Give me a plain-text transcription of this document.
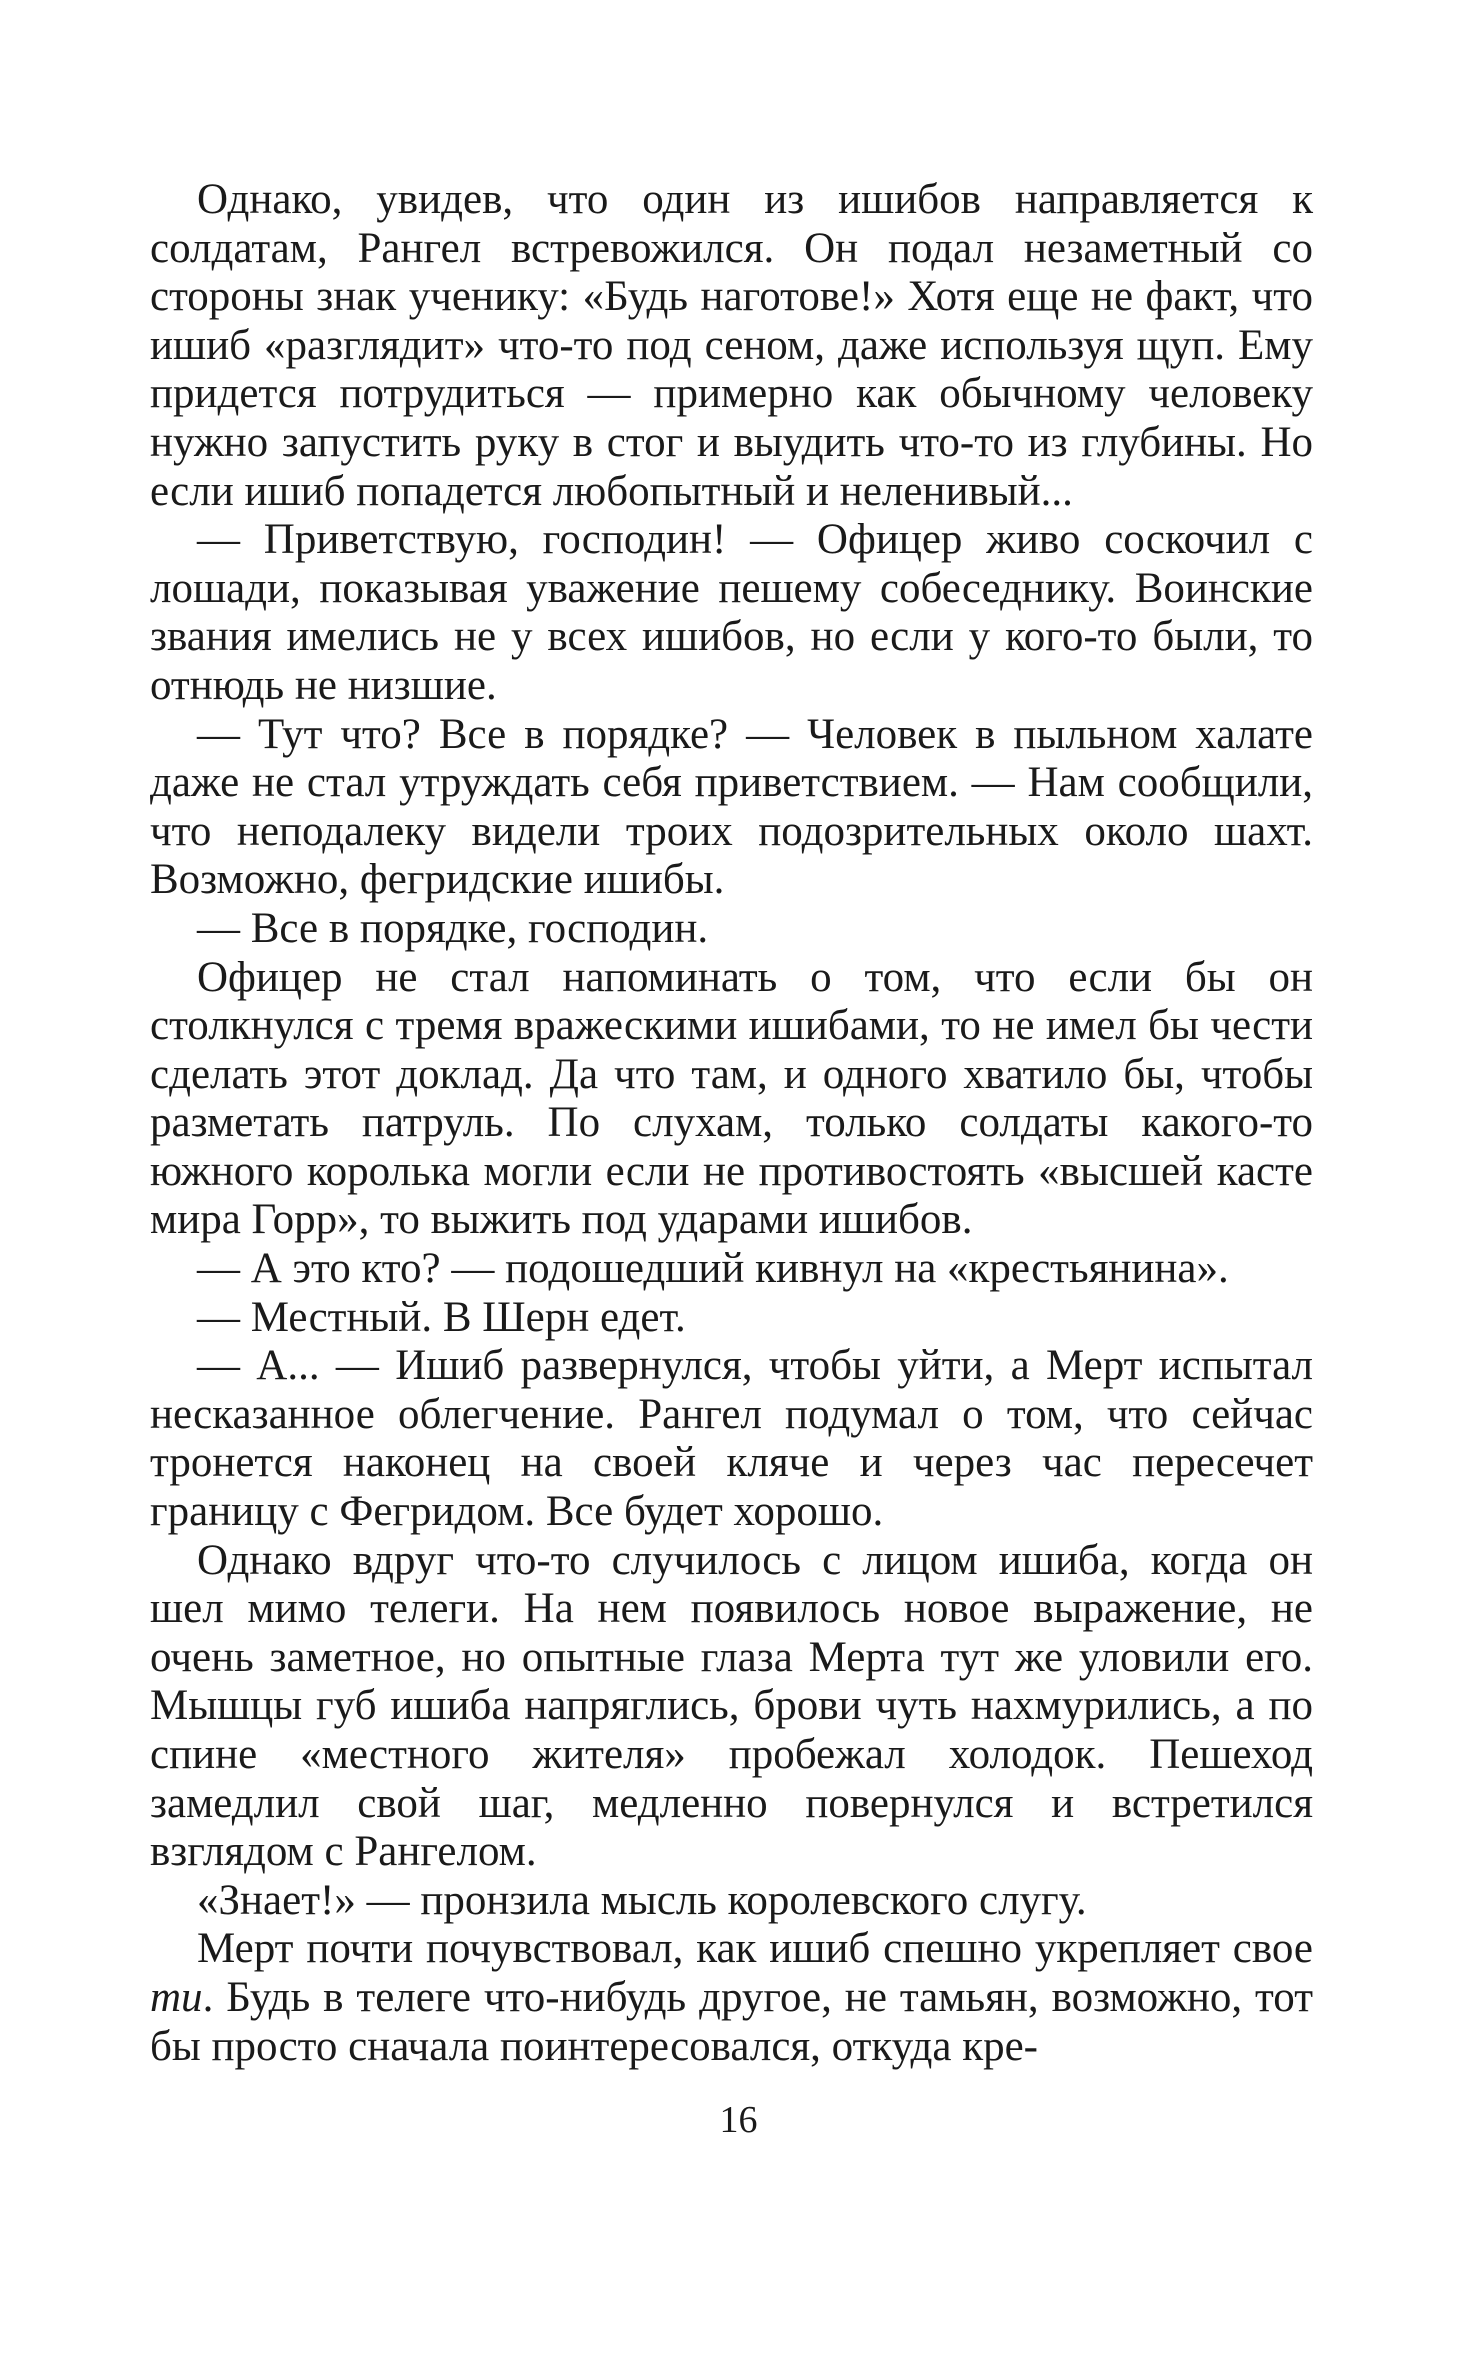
Однако, увидев, что один из ишибов направляется к солдатам, Рангел встревожился. Он подал незаметный со стороны знак ученику: «Будь наготове!» Хотя еще не факт, что ишиб «разглядит» что-то под сеном, даже используя щуп. Ему придется потрудиться — примерно как обычному человеку нужно запустить руку в стог и выудить что-то из глубины. Но если ишиб попадется любопытный и неленивый...

— Приветствую, господин! — Офицер живо соскочил с лошади, показывая уважение пешему собеседнику. Воинские звания имелись не у всех ишибов, но если у кого-то были, то отнюдь не низшие.

— Тут что? Все в порядке? — Человек в пыльном халате даже не стал утруждать себя приветствием. — Нам сообщили, что неподалеку видели троих подозрительных около шахт. Возможно, фегридские ишибы.

— Все в порядке, господин.

Офицер не стал напоминать о том, что если бы он столкнулся с тремя вражескими ишибами, то не имел бы чести сделать этот доклад. Да что там, и одного хватило бы, чтобы разметать патруль. По слухам, только солдаты какого-то южного королька могли если не противостоять «высшей касте мира Горр», то выжить под ударами ишибов.

— А это кто? — подошедший кивнул на «крестьянина».

— Местный. В Шерн едет.

— А... — Ишиб развернулся, чтобы уйти, а Мерт испытал несказанное облегчение. Рангел подумал о том, что сейчас тронется наконец на своей кляче и через час пересечет границу с Фегридом. Все будет хорошо.

Однако вдруг что-то случилось с лицом ишиба, когда он шел мимо телеги. На нем появилось новое выражение, не очень заметное, но опытные глаза Мерта тут же уловили его. Мышцы губ ишиба напряглись, брови чуть нахмурились, а по спине «местного жителя» пробежал холодок. Пешеход замедлил свой шаг, медленно повернулся и встретился взглядом с Рангелом.

«Знает!» — пронзила мысль королевского слугу.

Мерт почти почувствовал, как ишиб спешно укрепляет свое ти. Будь в телеге что-нибудь другое, не тамьян, возможно, тот бы просто сначала поинтересовался, откуда кре-

16
